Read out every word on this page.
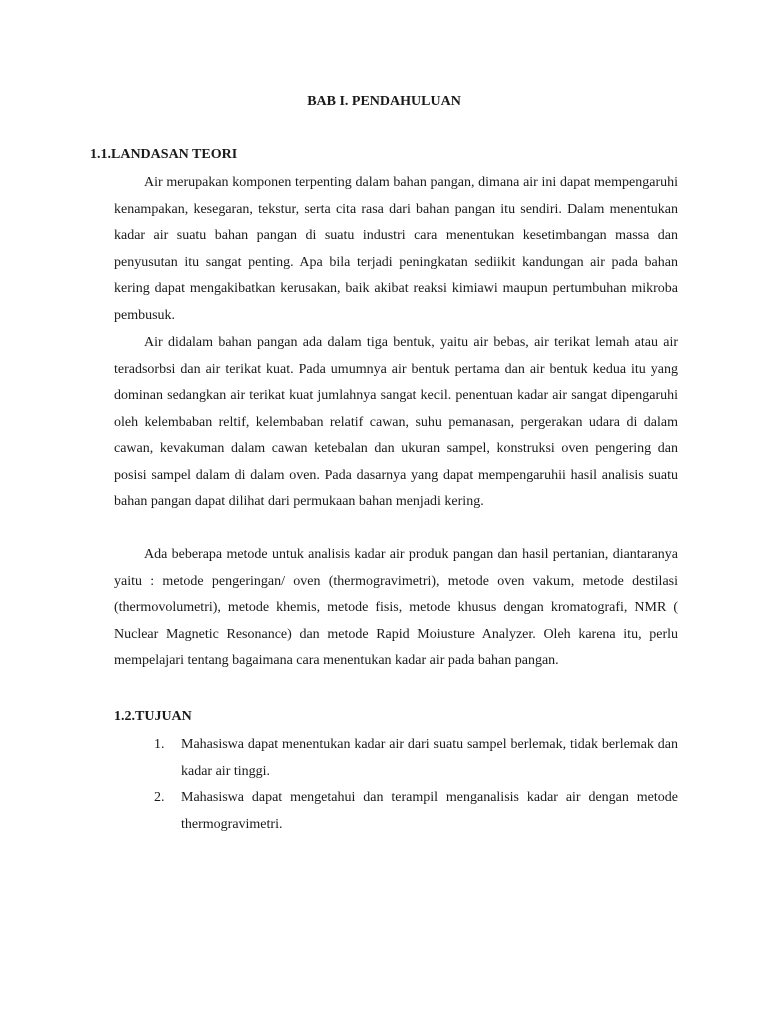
BAB I. PENDAHULUAN
1.1.LANDASAN TEORI

Air merupakan komponen terpenting dalam bahan pangan, dimana air ini dapat mempengaruhi kenampakan, kesegaran, tekstur, serta cita rasa dari bahan pangan itu sendiri. Dalam menentukan kadar air suatu bahan pangan di suatu industri cara menentukan kesetimbangan massa dan penyusutan itu sangat penting. Apa bila terjadi peningkatan sediikit kandungan air pada bahan kering dapat mengakibatkan kerusakan, baik akibat reaksi kimiawi maupun pertumbuhan mikroba pembusuk.

Air didalam bahan pangan ada dalam tiga bentuk, yaitu air bebas, air terikat lemah atau air teradsorbsi dan air terikat kuat. Pada umumnya air bentuk pertama dan air bentuk kedua itu yang dominan sedangkan air terikat kuat jumlahnya sangat kecil. penentuan kadar air sangat dipengaruhi oleh kelembaban reltif, kelembaban relatif cawan, suhu pemanasan, pergerakan udara di dalam cawan, kevakuman dalam cawan ketebalan dan ukuran sampel, konstruksi oven pengering dan posisi sampel dalam di dalam oven. Pada dasarnya yang dapat mempengaruhii hasil analisis suatu bahan pangan dapat dilihat dari permukaan bahan menjadi kering.

Ada beberapa metode untuk analisis kadar air produk pangan dan hasil pertanian, diantaranya yaitu : metode pengeringan/ oven (thermogravimetri), metode oven vakum, metode destilasi (thermovolumetri), metode khemis, metode fisis, metode khusus dengan kromatografi, NMR ( Nuclear Magnetic Resonance) dan metode Rapid Moiusture Analyzer. Oleh karena itu, perlu mempelajari tentang bagaimana cara menentukan kadar air pada bahan pangan.

1.2.TUJUAN
1. Mahasiswa dapat menentukan kadar air dari suatu sampel berlemak, tidak berlemak dan kadar air tinggi.
2. Mahasiswa dapat mengetahui dan terampil menganalisis kadar air dengan metode thermogravimetri.
